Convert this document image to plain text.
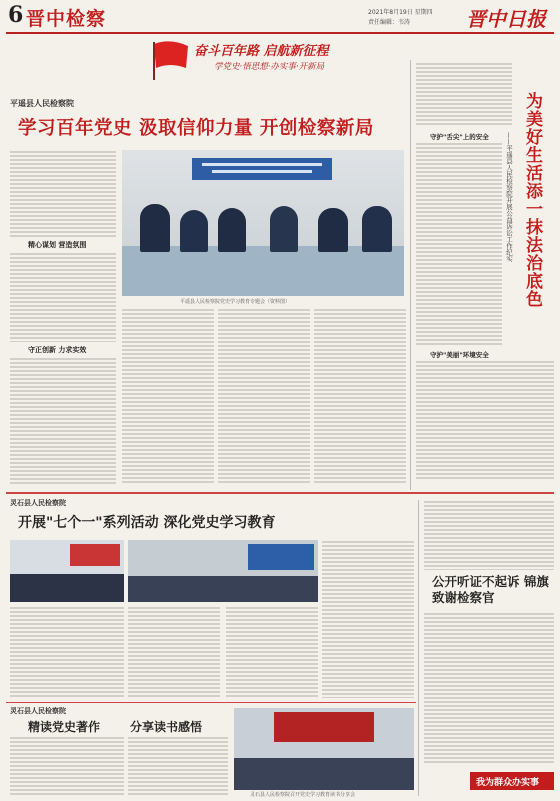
6 晋中检察	2021年8月19日 星期四
责任编辑：韦涛	晋中日报
奋斗百年路 启航新征程
学党史·悟思想·办实事·开新局
平遥县人民检察院
学习百年党史 汲取信仰力量 开创检察新局
精心谋划 营造氛围
守正创新 力求实效
平遥县人民检察院党史学习教育专题会（资料图）	为美好生活添一抹法治底色
——平遥县人民检察院开展公益诉讼工作纪实
守护"舌尖"上的安全
守护"美丽"环境安全
灵石县人民检察院
开展"七个一"系列活动 深化党史学习教育
公开听证不起诉 锦旗致谢检察官
我为群众办实事
灵石县人民检察院
精读党史著作 分享读书感悟
灵石县人民检察院召开党史学习教育读书分享会
